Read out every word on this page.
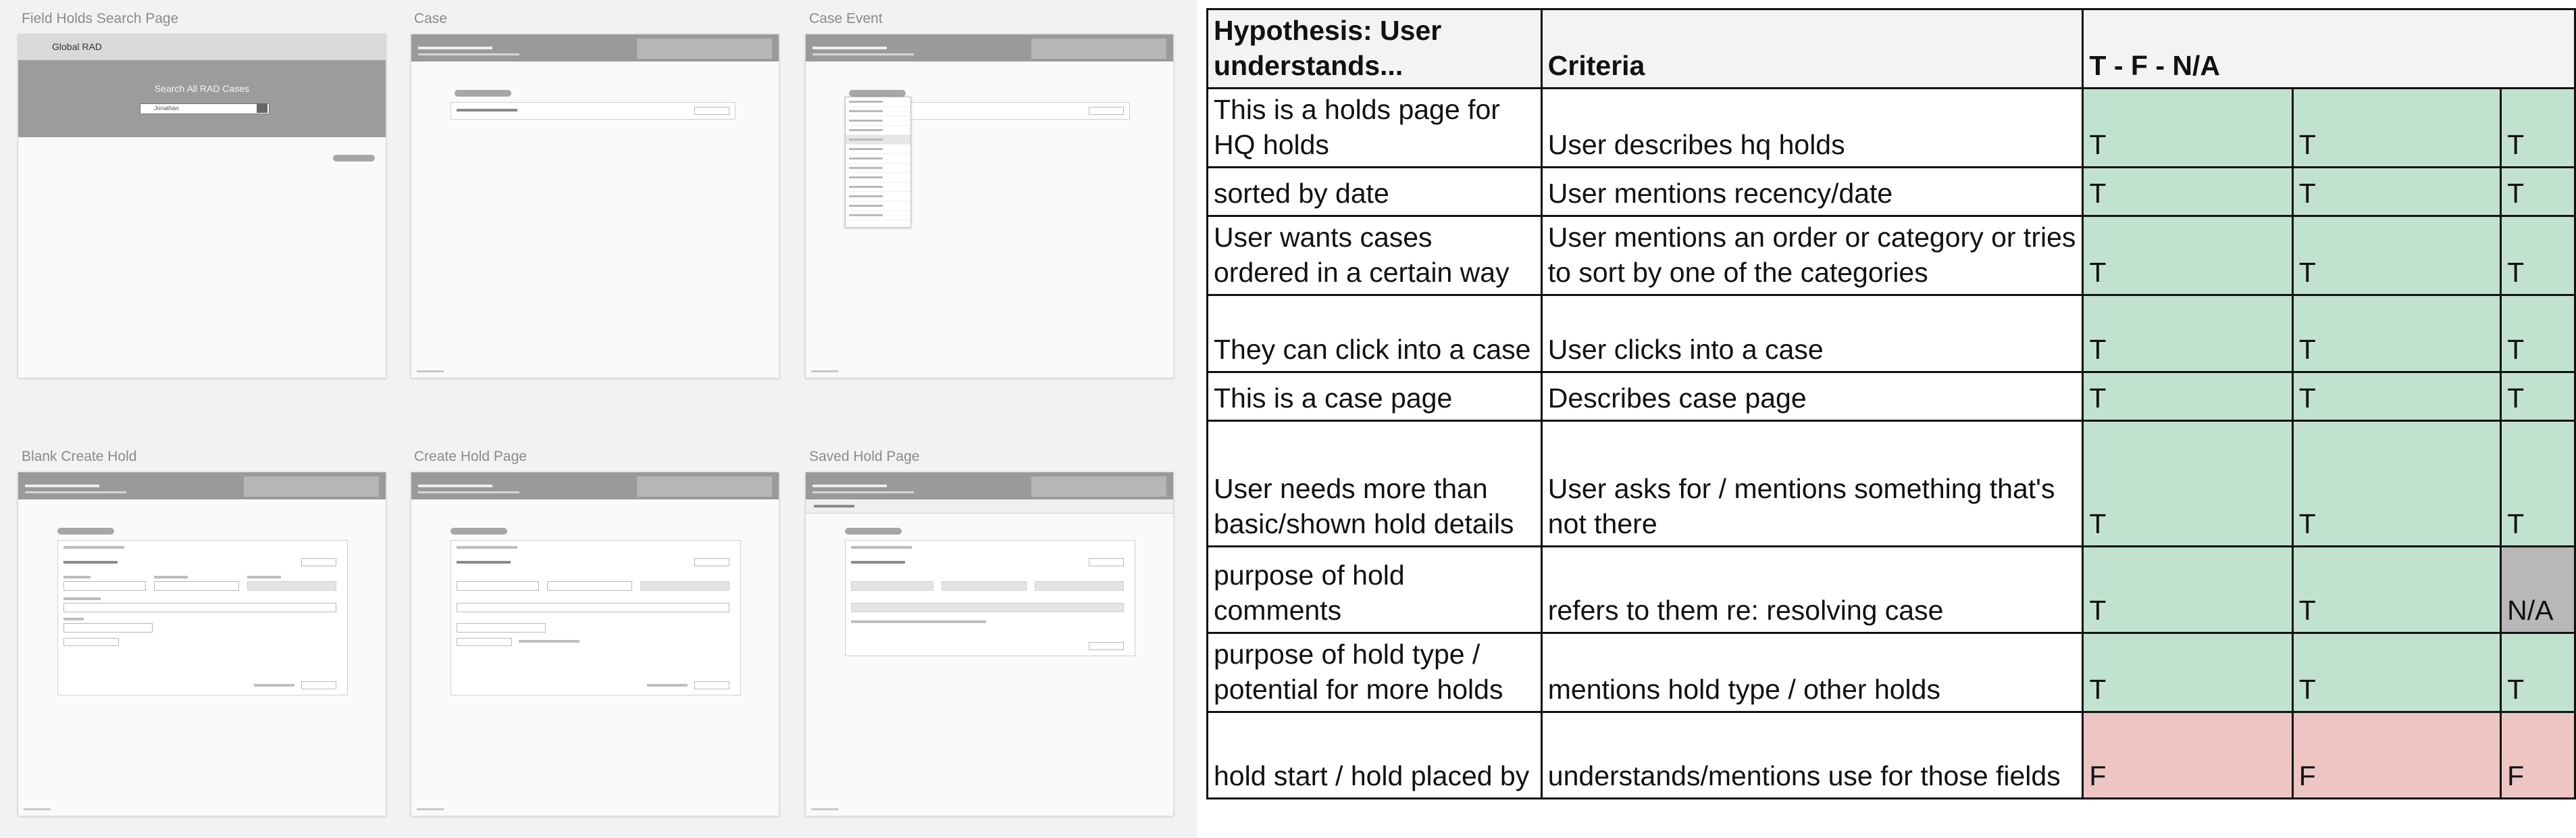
Field Holds Search Page
Global RAD
Search All RAD Cases
Jonathan
Case	Case Event
Blank Create Hold	Create Hold Page	Saved Hold Page
Hypothesis: User understands...	Criteria	T - F - N/A		
This is a holds page for HQ holds	User describes hq holds	T	T	T
sorted by date	User mentions recency/date	T	T	T
User wants cases ordered in a certain way	User mentions an order or category or tries to sort by one of the categories	T	T	T
They can click into a case	User clicks into a case	T	T	T
This is a case page	Describes case page	T	T	T
User needs more than basic/shown hold details	User asks for / mentions something that's not there	T	T	T
purpose of hold comments	refers to them re: resolving case	T	T	N/A
purpose of hold type / potential for more holds	mentions hold type / other holds	T	T	T
hold start / hold placed by	understands/mentions use for those fields	F	F	F
